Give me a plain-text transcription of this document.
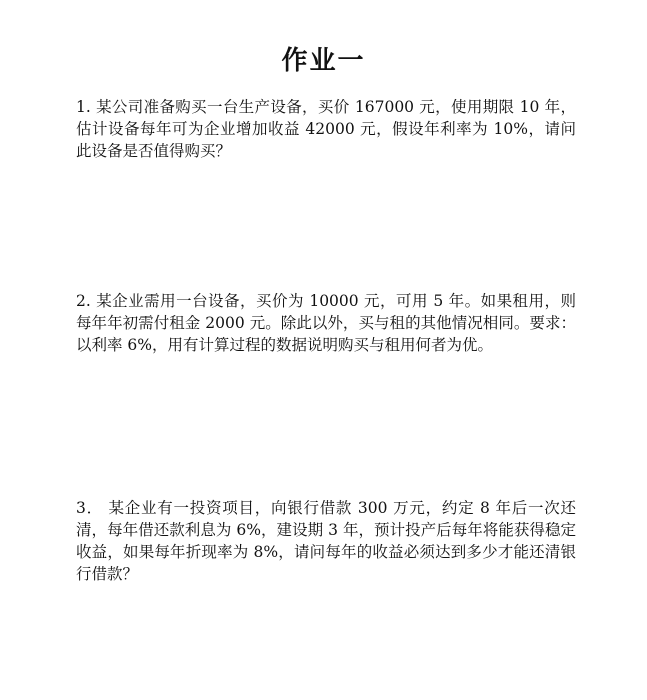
作业一

1. 某公司准备购买一台生产设备，买价 167000 元，使用期限 10 年，估计设备每年可为企业增加收益 42000 元，假设年利率为 10%，请问此设备是否值得购买？

2. 某企业需用一台设备，买价为 10000 元，可用 5 年。如果租用，则每年年初需付租金 2000 元。除此以外，买与租的其他情况相同。要求：以利率 6%，用有计算过程的数据说明购买与租用何者为优。

3． 某企业有一投资项目，向银行借款 300 万元，约定 8 年后一次还清，每年借还款利息为 6%，建设期 3 年，预计投产后每年将能获得稳定收益，如果每年折现率为 8%，请问每年的收益必须达到多少才能还清银行借款？
